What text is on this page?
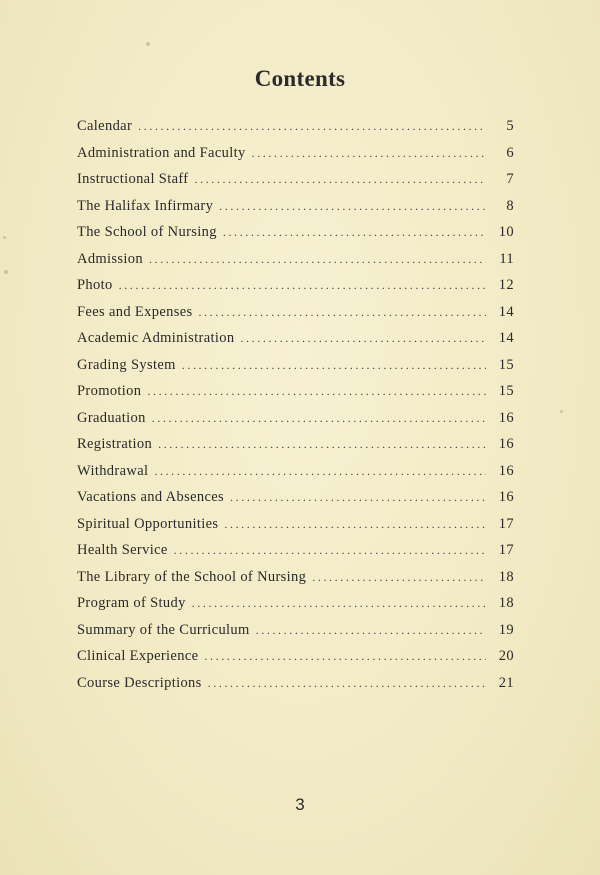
Contents
Calendar .....	5
Administration and Faculty .....	6
Instructional Staff .....	7
The Halifax Infirmary .....	8
The School of Nursing .....	10
Admission .....	11
Photo .....	12
Fees and Expenses .....	14
Academic Administration .....	14
Grading System .....	15
Promotion .....	15
Graduation .....	16
Registration .....	16
Withdrawal .....	16
Vacations and Absences .....	16
Spiritual Opportunities .....	17
Health Service .....	17
The Library of the School of Nursing .....	18
Program of Study .....	18
Summary of the Curriculum .....	19
Clinical Experience .....	20
Course Descriptions .....	21
3
